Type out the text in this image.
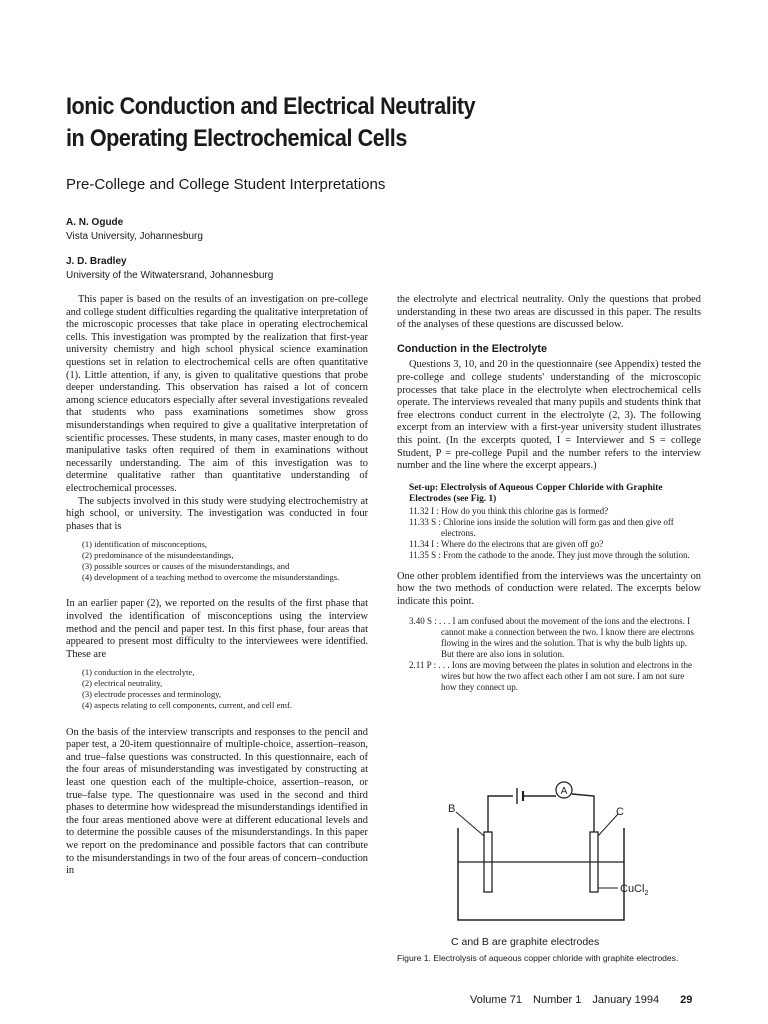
Ionic Conduction and Electrical Neutrality
in Operating Electrochemical Cells
Pre-College and College Student Interpretations
A. N. Ogude
Vista University, Johannesburg
J. D. Bradley
University of the Witwatersrand, Johannesburg

This paper is based on the results of an investigation on pre-college and college student difficulties regarding the qualitative interpretation of the microscopic processes that take place in operating electrochemical cells. This investigation was prompted by the realization that first-year university chemistry and high school physical science examination questions set in relation to electrochemical cells are often quantitative (1). Little attention, if any, is given to qualitative questions that probe deeper understanding. This observation has raised a lot of concern among science educators especially after several investigations revealed that students who pass examinations sometimes show gross misunderstandings when required to give a qualitative interpretation of scientific processes. These students, in many cases, master enough to do manipulative tasks often required of them in examinations without necessarily understanding. The aim of this investigation was to determine qualitative rather than quantitative understanding of electrochemical processes.

The subjects involved in this study were studying electrochemistry at high school, or university. The investigation was conducted in four phases that is

(1) identification of misconceptions,
(2) predominance of the misunderstandings,
(3) possible sources or causes of the misunderstandings, and
(4) development of a teaching method to overcome the misunderstandings.

In an earlier paper (2), we reported on the results of the first phase that involved the identification of misconceptions using the interview method and the pencil and paper test. In this first phase, four areas that appeared to present most difficulty to the interviewees were identified. These are

(1) conduction in the electrolyte,
(2) electrical neutrality,
(3) electrode processes and terminology,
(4) aspects relating to cell components, current, and cell emf.

On the basis of the interview transcripts and responses to the pencil and paper test, a 20-item questionnaire of multiple-choice, assertion–reason, and true–false questions was constructed. In this questionnaire, each of the four areas of misunderstanding was investigated by constructing at least one question each of the multiple-choice, assertion–reason, or true–false type. The questionnaire was used in the second and third phases to determine how widespread the misunderstandings identified in the four areas mentioned above were at different educational levels and to determine the possible causes of the misunderstandings. In this paper we report on the predominance and possible factors that can contribute to the misunderstandings in two of the four areas of concern–conduction in

the electrolyte and electrical neutrality. Only the questions that probed understanding in these two areas are discussed in this paper. The results of the analyses of these questions are discussed below.

Conduction in the Electrolyte

Questions 3, 10, and 20 in the questionnaire (see Appendix) tested the pre-college and college students' understanding of the microscopic processes that take place in the electrolyte when electrochemical cells operate. The interviews revealed that many pupils and students think that free electrons conduct current in the electrolyte (2, 3). The following excerpt from an interview with a first-year university student illustrates this point. (In the excerpts quoted, I = Interviewer and S = college Student, P = pre-college Pupil and the number refers to the interview number and the line where the excerpt appears.)

Set-up: Electrolysis of Aqueous Copper Chloride with Graphite Electrodes (see Fig. 1)
11.32 I : How do you think this chlorine gas is formed?
11.33 S : Chlorine ions inside the solution will form gas and then give off electrons.
11.34 I : Where do the electrons that are given off go?
11.35 S : From the cathode to the anode. They just move through the solution.

One other problem identified from the interviews was the uncertainty on how the two methods of conduction were related. The excerpts below indicate this point.

3.40 S : . . . I am confused about the movement of the ions and the electrons. I cannot make a connection between the two. I know there are electrons flowing in the wires and the solution. That is why the bulb lights up. But there are also ions in solution.
2.11 P : . . . Ions are moving between the plates in solution and electrons in the wires but how the two affect each other I am not sure. I am not sure how they connect up.
A
B	C
CuCl$_2$
C and B are graphite electrodes
Figure 1. Electrolysis of aqueous copper chloride with graphite electrodes.
Volume 71 Number 1 January 1994 29
